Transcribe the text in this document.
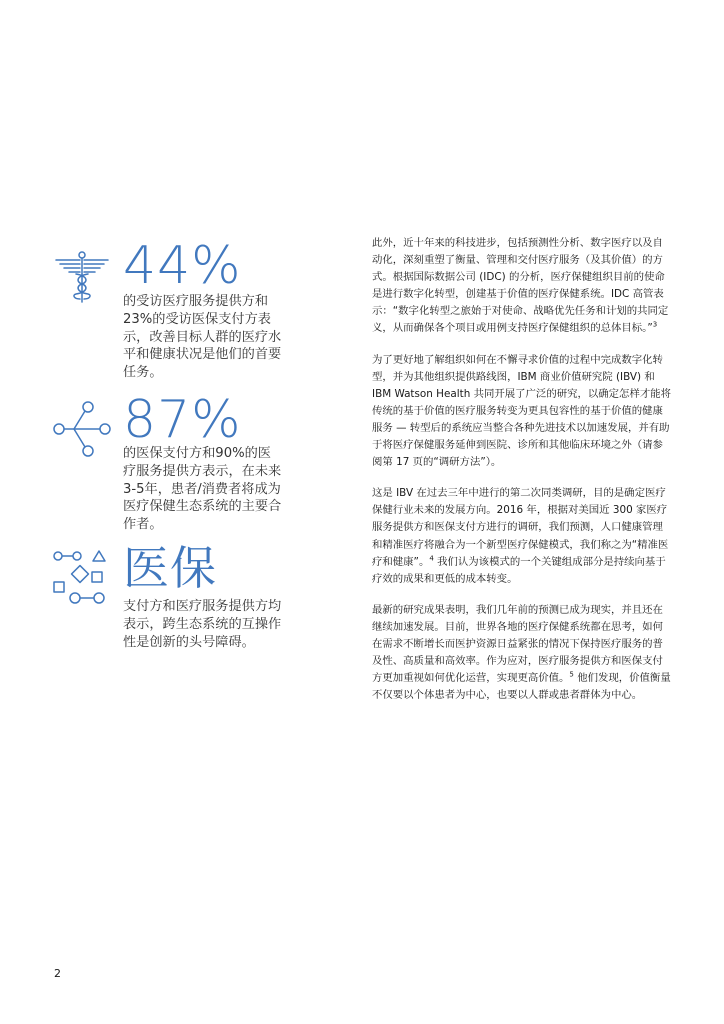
44%
的受访医疗服务提供方和23%的受访医保支付方表示，改善目标人群的医疗水平和健康状况是他们的首要任务。
87%
的医保支付方和90%的医疗服务提供方表示，在未来3-5年，患者/消费者将成为医疗保健生态系统的主要合作者。
医保
支付方和医疗服务提供方均表示，跨生态系统的互操作性是创新的头号障碍。

此外，近十年来的科技进步，包括预测性分析、数字医疗以及自动化，深刻重塑了衡量、管理和交付医疗服务（及其价值）的方式。根据国际数据公司 (IDC) 的分析，医疗保健组织目前的使命是进行数字化转型，创建基于价值的医疗保健系统。IDC 高管表示：“数字化转型之旅始于对使命、战略优先任务和计划的共同定义，从而确保各个项目或用例支持医疗保健组织的总体目标。”$^3$

为了更好地了解组织如何在不懈寻求价值的过程中完成数字化转型，并为其他组织提供路线图，IBM 商业价值研究院 (IBV) 和 IBM Watson Health 共同开展了广泛的研究，以确定怎样才能将传统的基于价值的医疗服务转变为更具包容性的基于价值的健康服务 — 转型后的系统应当整合各种先进技术以加速发展，并有助于将医疗保健服务延伸到医院、诊所和其他临床环境之外（请参阅第 17 页的“调研方法”）。

这是 IBV 在过去三年中进行的第二次同类调研，目的是确定医疗保健行业未来的发展方向。2016 年，根据对美国近 300 家医疗服务提供方和医保支付方进行的调研，我们预测，人口健康管理和精准医疗将融合为一个新型医疗保健模式，我们称之为“精准医疗和健康”。$^4$ 我们认为该模式的一个关键组成部分是持续向基于疗效的成果和更低的成本转变。

最新的研究成果表明，我们几年前的预测已成为现实，并且还在继续加速发展。目前，世界各地的医疗保健系统都在思考，如何在需求不断增长而医护资源日益紧张的情况下保持医疗服务的普及性、高质量和高效率。作为应对，医疗服务提供方和医保支付方更加重视如何优化运营，实现更高价值。$^5$ 他们发现，价值衡量不仅要以个体患者为中心，也要以人群或患者群体为中心。

2
